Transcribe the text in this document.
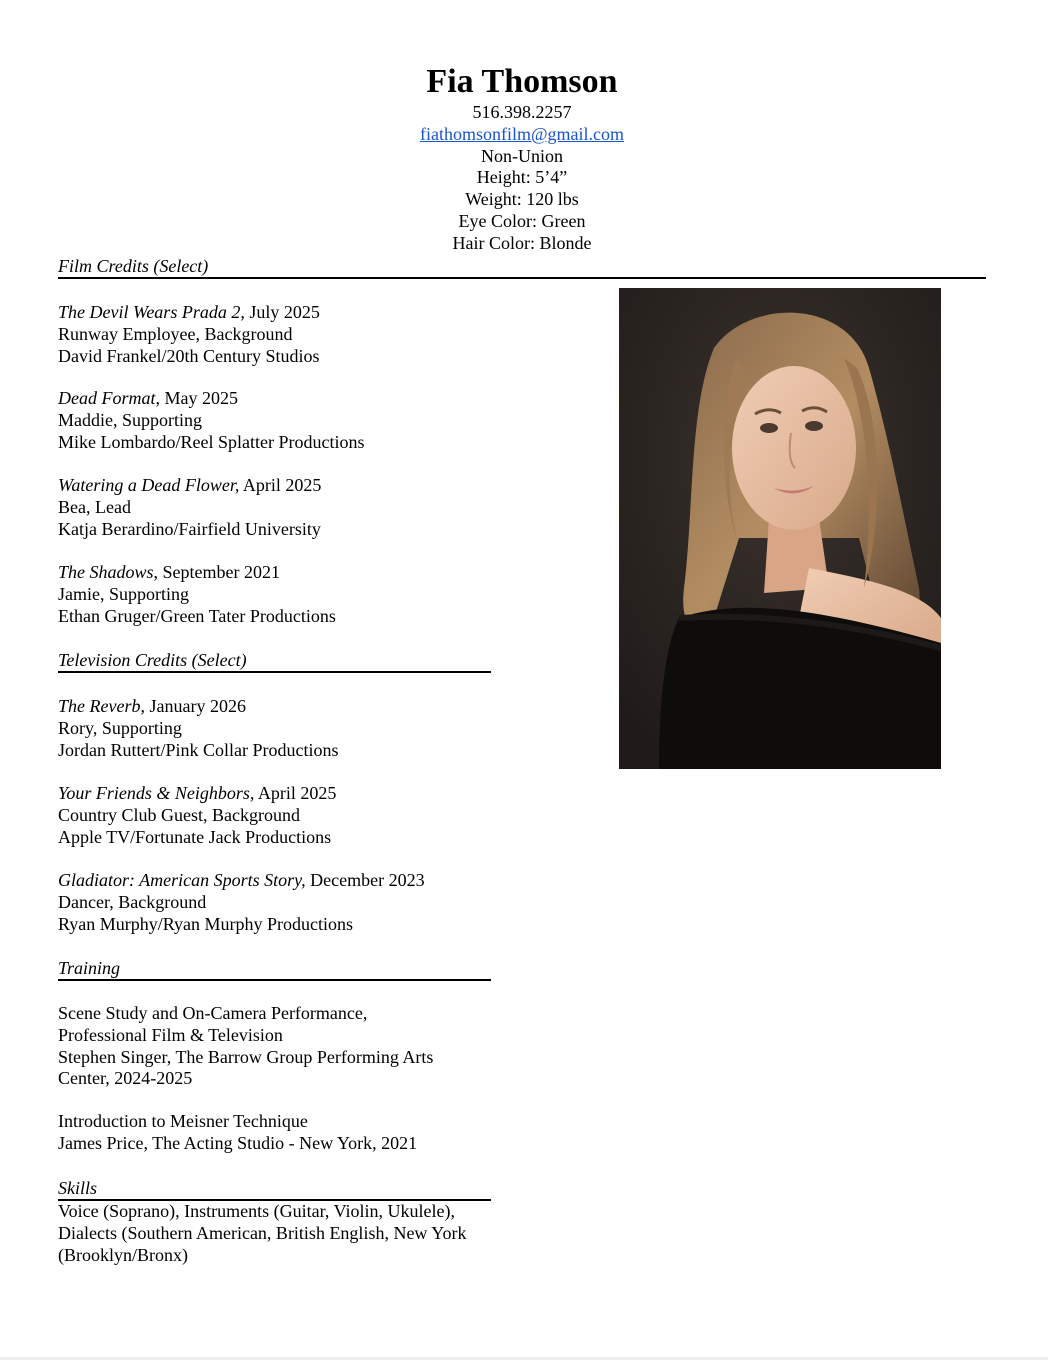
Fia Thomson
516.398.2257
fiathomsonfilm@gmail.com
Non-Union
Height: 5’4”
Weight: 120 lbs
Eye Color: Green
Hair Color: Blonde
Film Credits (Select)
The Devil Wears Prada 2, July 2025
Runway Employee, Background
David Frankel/20th Century Studios
Dead Format, May 2025
Maddie, Supporting
Mike Lombardo/Reel Splatter Productions
Watering a Dead Flower, April 2025
Bea, Lead
Katja Berardino/Fairfield University
The Shadows, September 2021
Jamie, Supporting
Ethan Gruger/Green Tater Productions
Television Credits (Select)
The Reverb, January 2026
Rory, Supporting
Jordan Ruttert/Pink Collar Productions
Your Friends & Neighbors, April 2025
Country Club Guest, Background
Apple TV/Fortunate Jack Productions
Gladiator: American Sports Story, December 2023
Dancer, Background
Ryan Murphy/Ryan Murphy Productions
Training
Scene Study and On-Camera Performance,
Professional Film & Television
Stephen Singer, The Barrow Group Performing Arts
Center, 2024-2025
Introduction to Meisner Technique
James Price, The Acting Studio - New York, 2021
Skills
Voice (Soprano), Instruments (Guitar, Violin, Ukulele),
Dialects (Southern American, British English, New York
(Brooklyn/Bronx)
